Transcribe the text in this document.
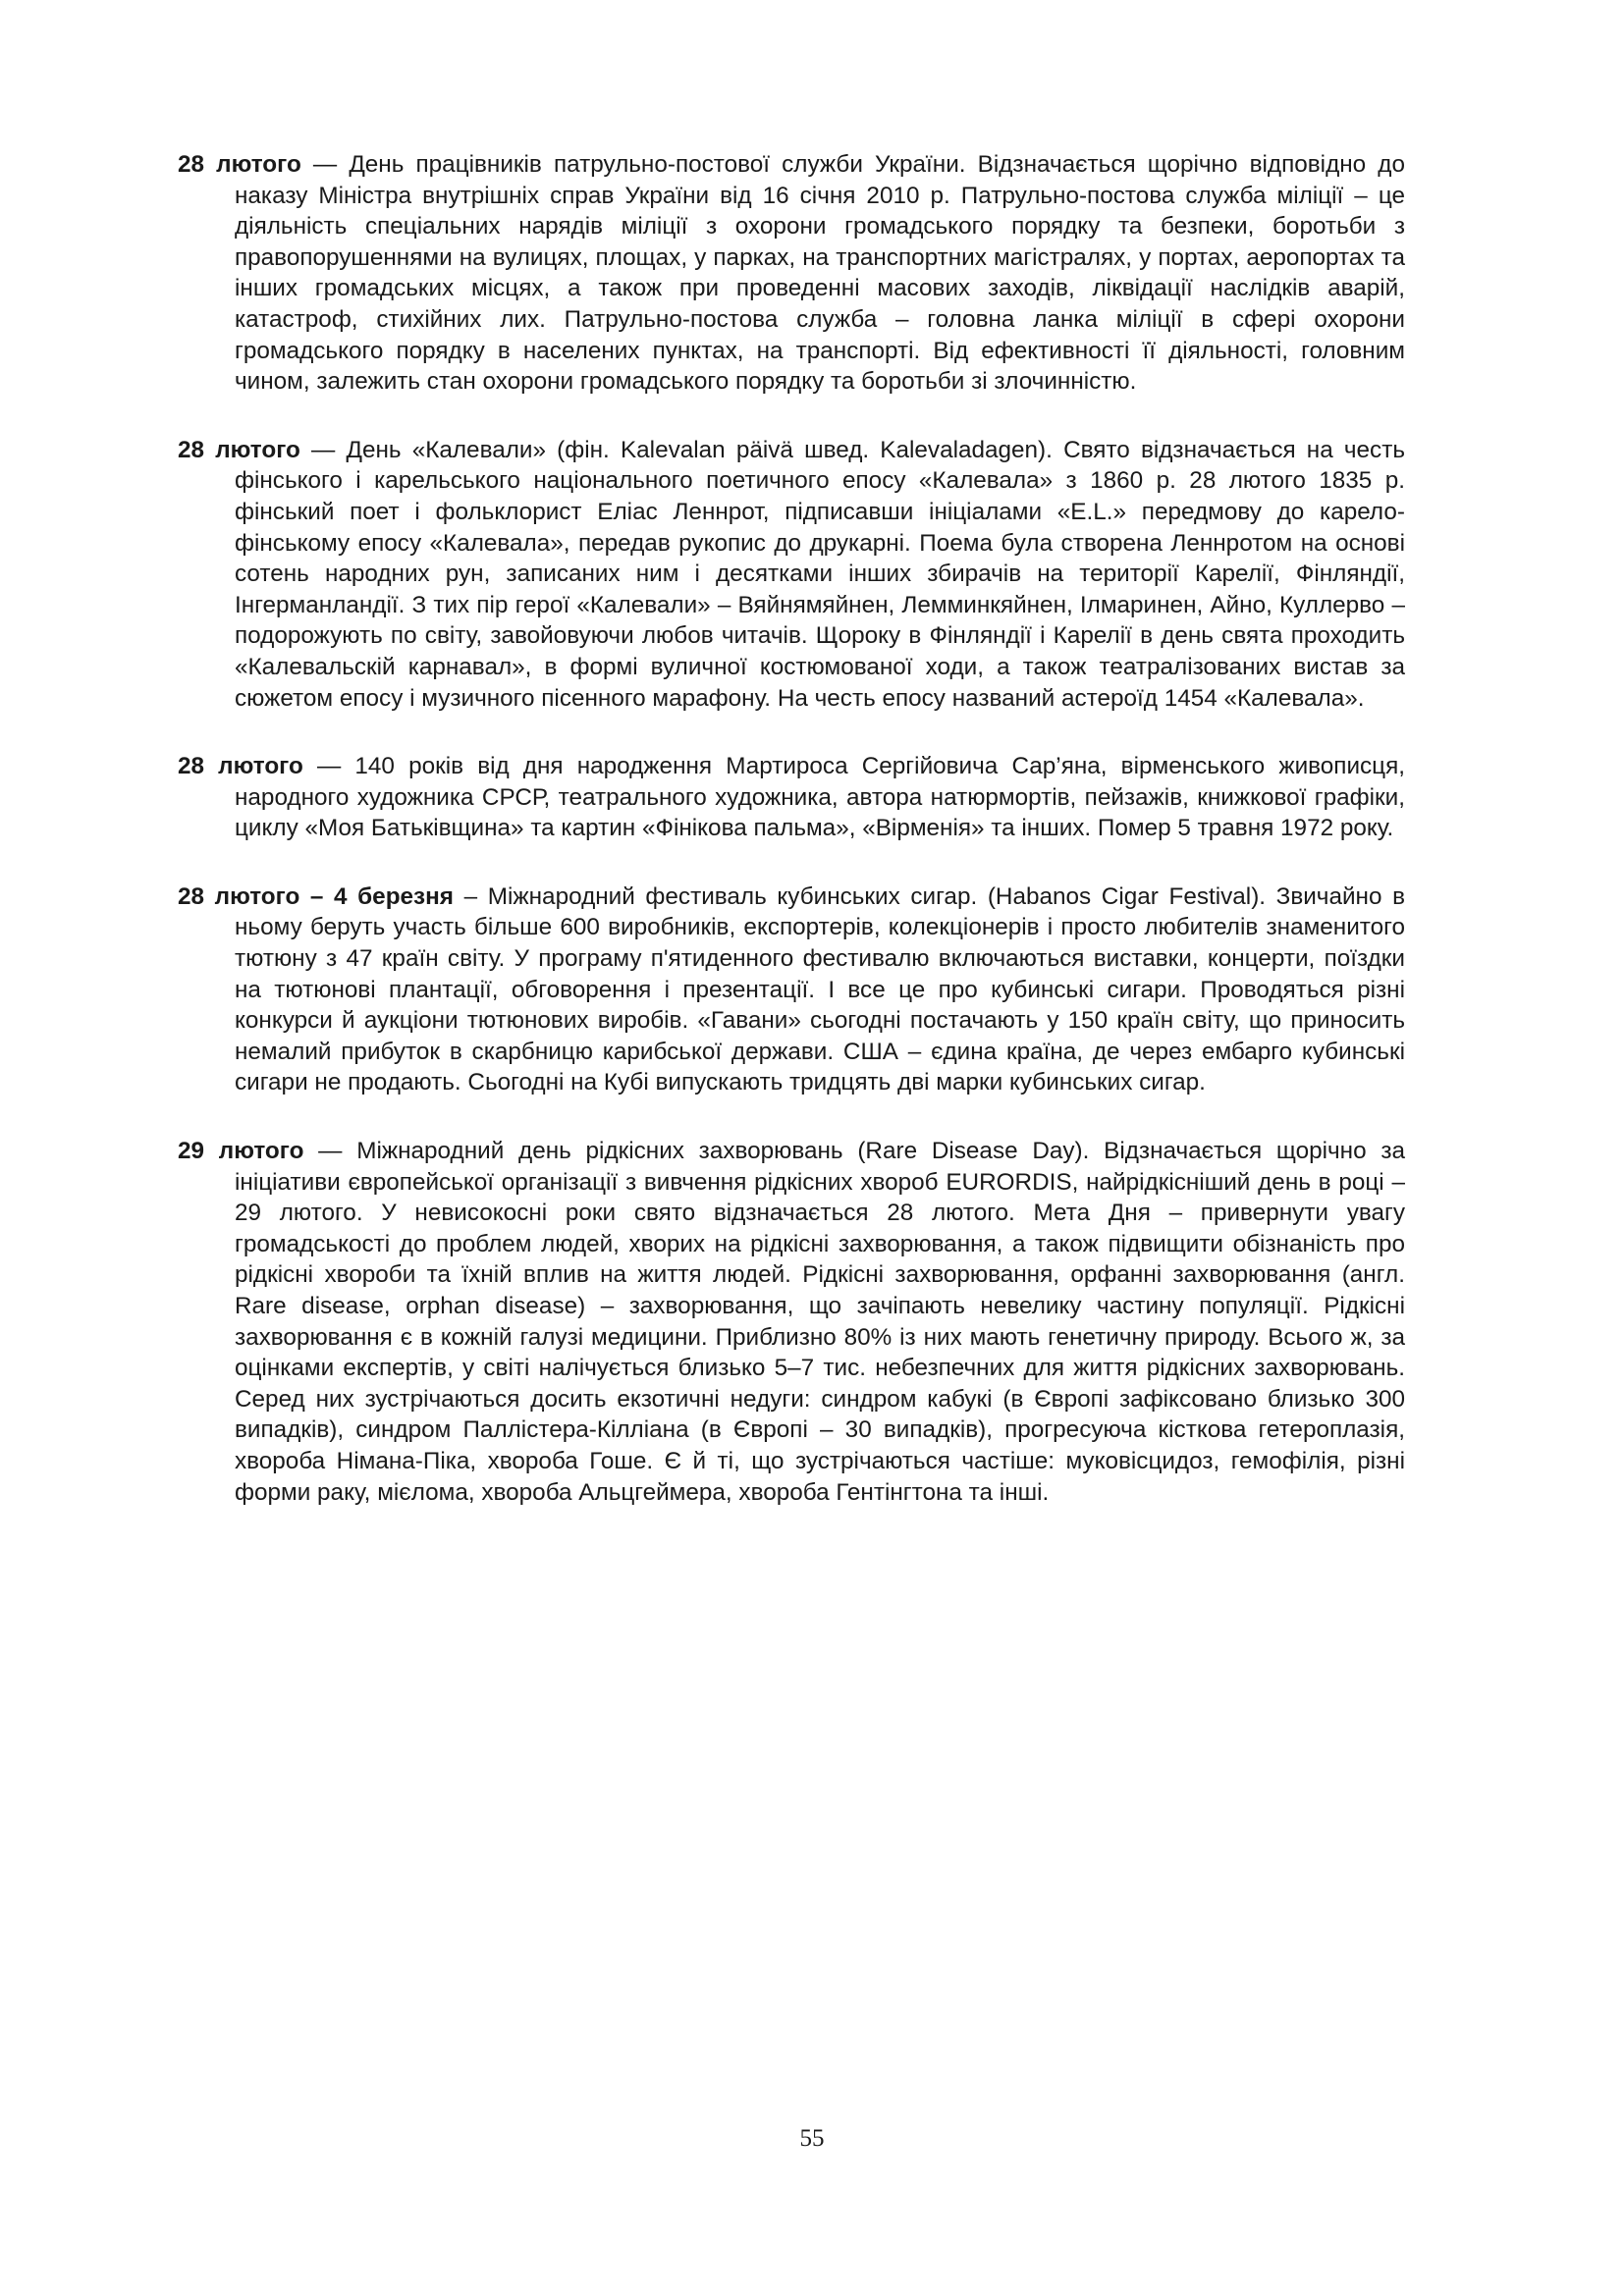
28 лютого — День працівників патрульно-постової служби України. Відзначається щорічно відповідно до наказу Міністра внутрішніх справ України від 16 січня 2010 р. Патрульно-постова служба міліції – це діяльність спеціальних нарядів міліції з охорони громадського порядку та безпеки, боротьби з правопорушеннями на вулицях, площах, у парках, на транспортних магістралях, у портах, аеропортах та інших громадських місцях, а також при проведенні масових заходів, ліквідації наслідків аварій, катастроф, стихійних лих. Патрульно-постова служба – головна ланка міліції в сфері охорони громадського порядку в населених пунктах, на транспорті. Від ефективності її діяльності, головним чином, залежить стан охорони громадського порядку та боротьби зі злочинністю.

28 лютого — День «Калевали» (фін. Kalevalan päivä швед. Kalevaladagen). Свято відзначається на честь фінського і карельського національного поетичного епосу «Калевала» з 1860 р. 28 лютого 1835 р. фінський поет і фольклорист Еліас Леннрот, підписавши ініціалами «E.L.» передмову до карело-фінському епосу «Калевала», передав рукопис до друкарні. Поема була створена Леннротом на основі сотень народних рун, записаних ним і десятками інших збирачів на території Карелії, Фінляндії, Інгерманландії. З тих пір герої «Калевали» – Вяйнямяйнен, Лемминкяйнен, Ілмаринен, Айно, Куллерво – подорожують по світу, завойовуючи любов читачів. Щороку в Фінляндії і Карелії в день свята проходить «Калевальскій карнавал», в формі вуличної костюмованої ходи, а також театралізованих вистав за сюжетом епосу і музичного пісенного марафону. На честь епосу названий астероїд 1454 «Калевала».

28 лютого — 140 років від дня народження Мартироса Сергійовича Сар’яна, вірменського живописця, народного художника СРСР, театрального художника, автора натюрмортів, пейзажів, книжкової графіки, циклу «Моя Батьківщина» та картин «Фінікова пальма», «Вірменія» та інших. Помер 5 травня 1972 року.

28 лютого – 4 березня – Міжнародний фестиваль кубинських сигар. (Habanos Cigar Festival). Звичайно в ньому беруть участь більше 600 виробників, експортерів, колекціонерів і просто любителів знаменитого тютюну з 47 країн світу. У програму п'ятиденного фестивалю включаються виставки, концерти, поїздки на тютюнові плантації, обговорення і презентації. І все це про кубинські сигари. Проводяться різні конкурси й аукціони тютюнових виробів. «Гавани» сьогодні постачають у 150 країн світу, що приносить немалий прибуток в скарбницю карибської держави. США – єдина країна, де через ембарго кубинські сигари не продають. Сьогодні на Кубі випускають тридцять дві марки кубинських сигар.

29 лютого — Міжнародний день рідкісних захворювань (Rare Disease Day). Відзначається щорічно за ініціативи європейської організації з вивчення рідкісних хвороб EURORDIS, найрідкісніший день в році – 29 лютого. У невисокосні роки свято відзначається 28 лютого. Мета Дня – привернути увагу громадськості до проблем людей, хворих на рідкісні захворювання, а також підвищити обізнаність про рідкісні хвороби та їхній вплив на життя людей. Рідкісні захворювання, орфанні захворювання (англ. Rare disease, orphan disease) – захворювання, що зачіпають невелику частину популяції. Рідкісні захворювання є в кожній галузі медицини. Приблизно 80% із них мають генетичну природу. Всього ж, за оцінками експертів, у світі налічується близько 5–7 тис. небезпечних для життя рідкісних захворювань. Серед них зустрічаються досить екзотичні недуги: синдром кабукі (в Європі зафіксовано близько 300 випадків), синдром Паллістера-Кілліана (в Європі – 30 випадків), прогресуюча кісткова гетероплазія, хвороба Німана-Піка, хвороба Гоше. Є й ті, що зустрічаються частіше: муковісцидоз, гемофілія, різні форми раку, мієлома, хвороба Альцгеймера, хвороба Гентінгтона та інші.

55
